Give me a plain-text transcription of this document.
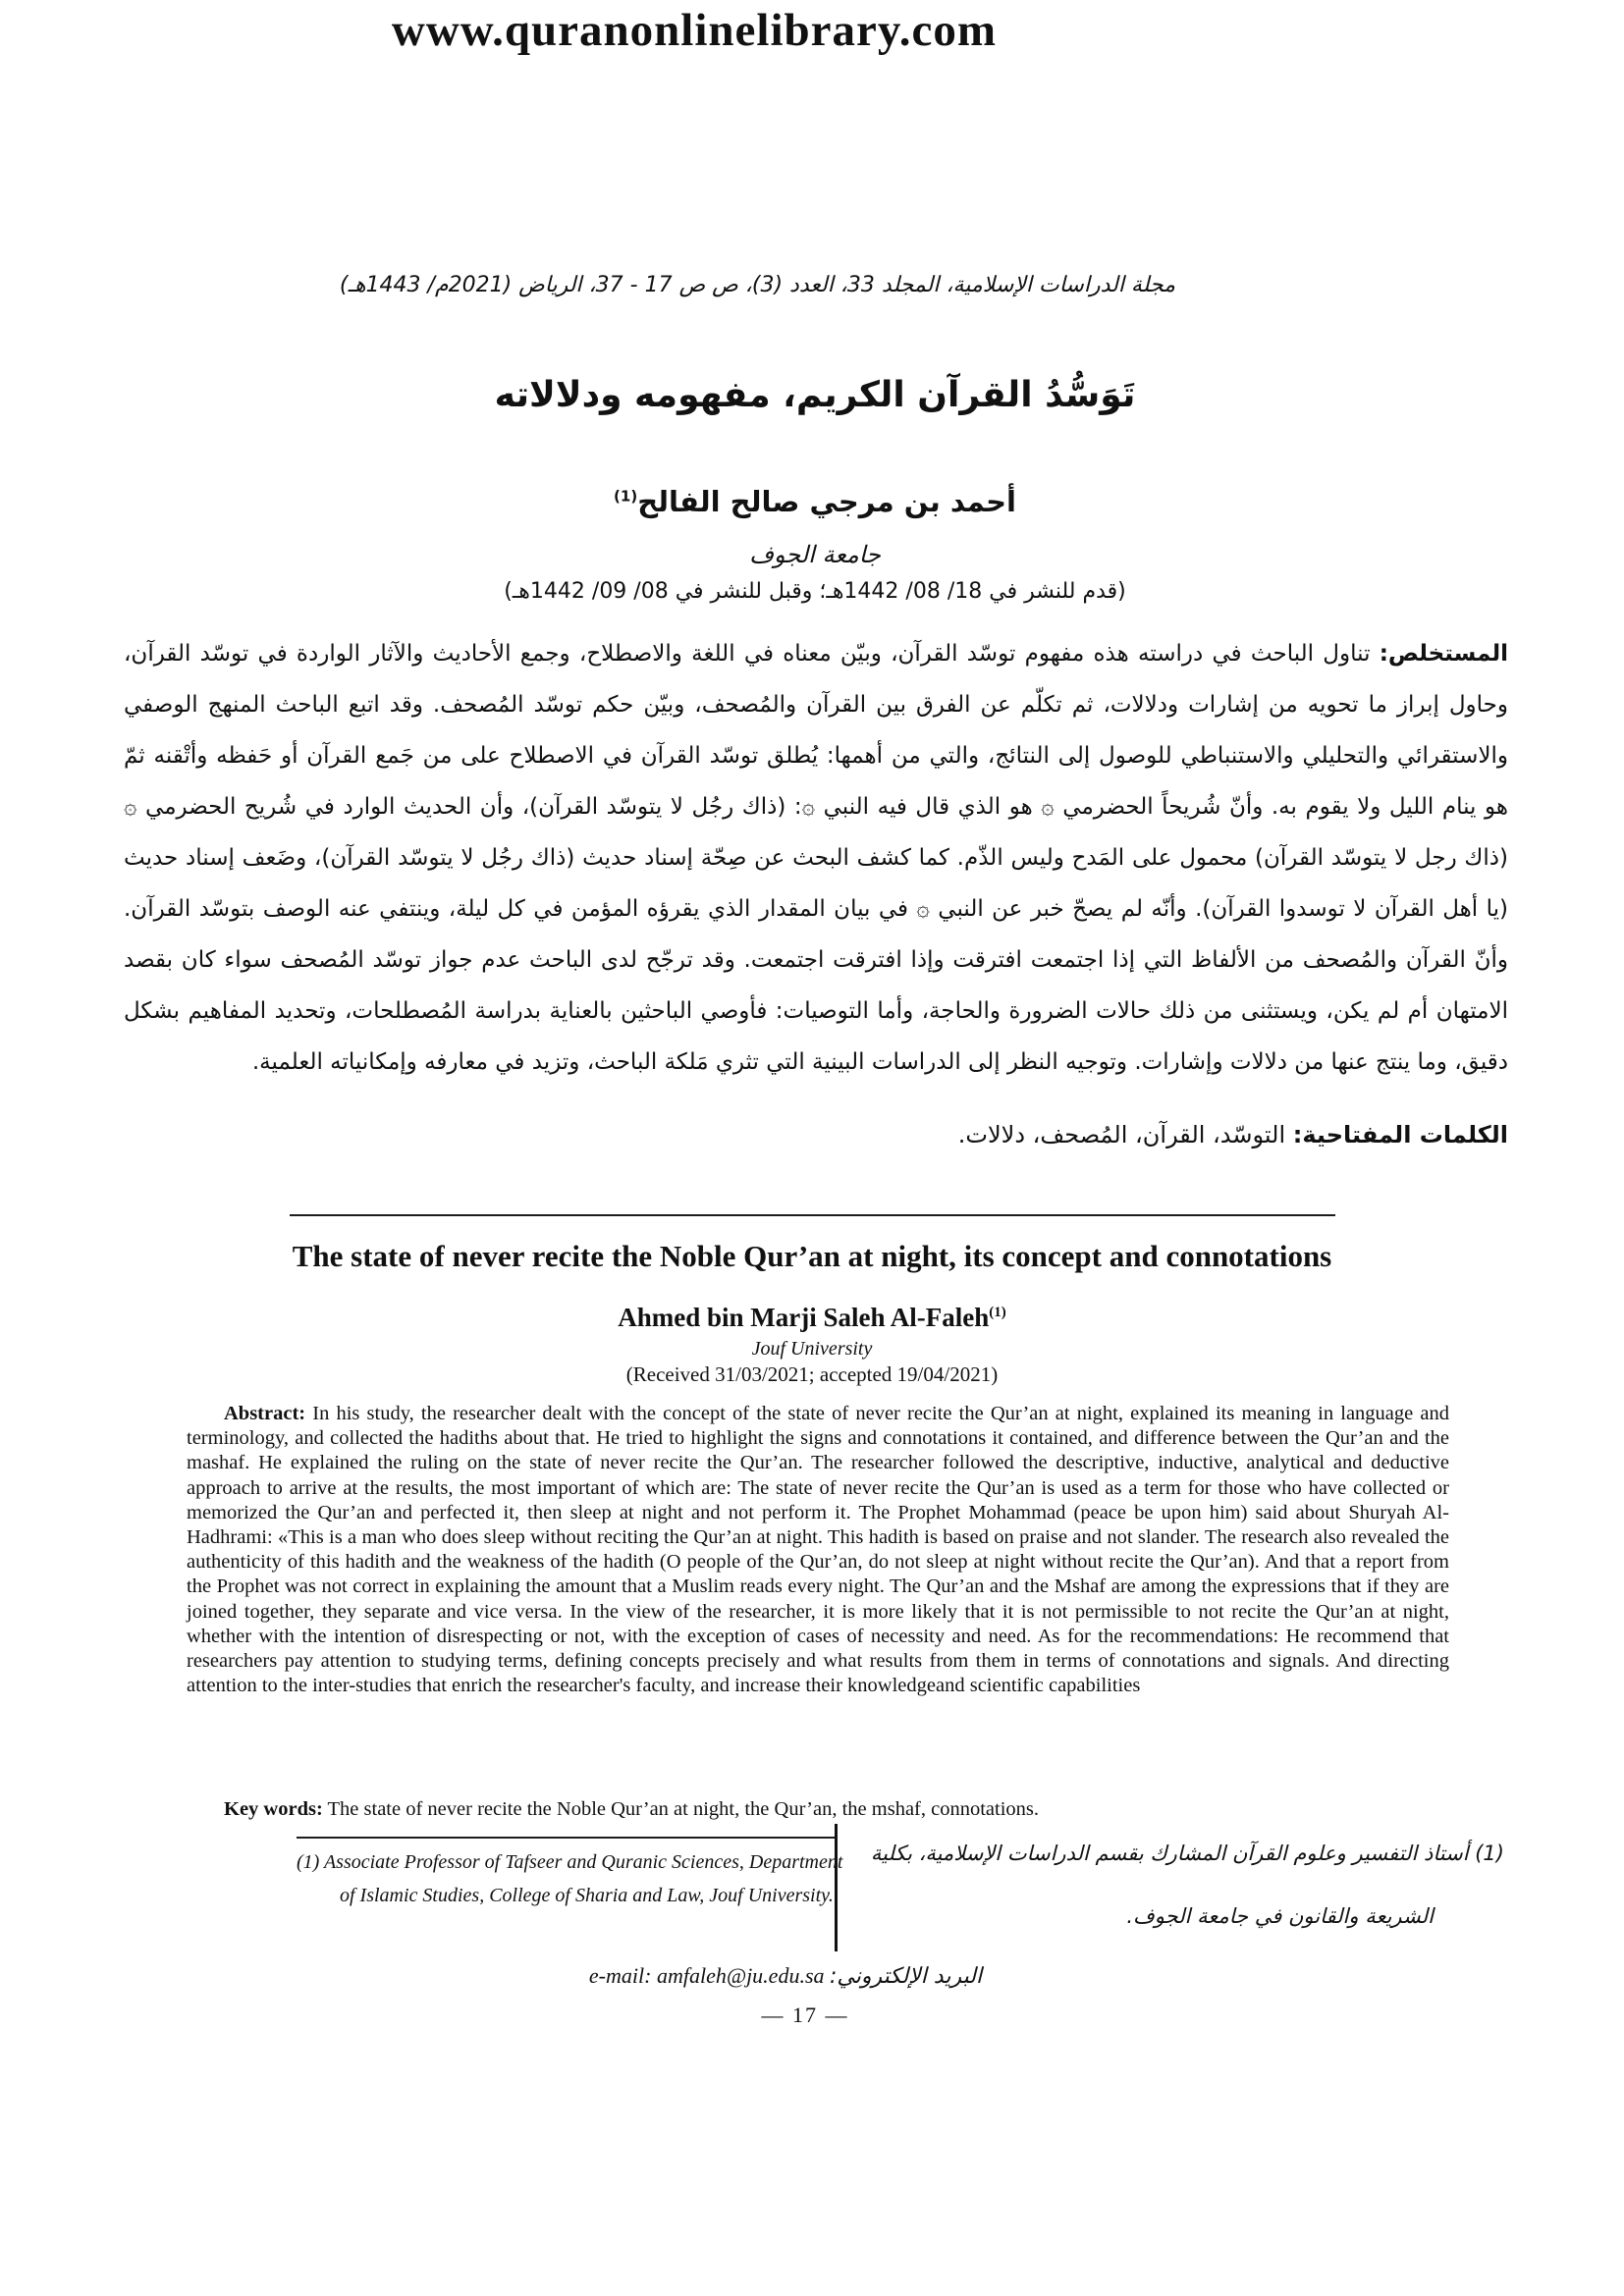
www.quranonlinelibrary.com
مجلة الدراسات الإسلامية، المجلد 33، العدد (3)، ص ص 17 - 37، الرياض (2021م/ 1443هـ)
تَوَسُّدُ القرآن الكريم، مفهومه ودلالاته
أحمد بن مرجي صالح الفالح$^{(1)}$
جامعة الجوف
(قدم للنشر في 18/ 08/ 1442هـ؛ وقبل للنشر في 08/ 09/ 1442هـ)
المستخلص: تناول الباحث في دراسته هذه مفهوم توسّد القرآن، وبيّن معناه في اللغة والاصطلاح، وجمع الأحاديث والآثار الواردة في توسّد القرآن، وحاول إبراز ما تحويه من إشارات ودلالات، ثم تكلّم عن الفرق بين القرآن والمُصحف، وبيّن حكم توسّد المُصحف. وقد اتبع الباحث المنهج الوصفي والاستقرائي والتحليلي والاستنباطي للوصول إلى النتائج، والتي من أهمها: يُطلق توسّد القرآن في الاصطلاح على من جَمع القرآن أو حَفظه وأتْقنه ثمّ هو ينام الليل ولا يقوم به. وأنّ شُريحاً الحضرمي ۞ هو الذي قال فيه النبي ۞: (ذاك رجُل لا يتوسّد القرآن)، وأن الحديث الوارد في شُريح الحضرمي ۞ (ذاك رجل لا يتوسّد القرآن) محمول على المَدح وليس الذّم. كما كشف البحث عن صِحّة إسناد حديث (ذاك رجُل لا يتوسّد القرآن)، وضَعف إسناد حديث (يا أهل القرآن لا توسدوا القرآن). وأنّه لم يصحّ خبر عن النبي ۞ في بيان المقدار الذي يقرؤه المؤمن في كل ليلة، وينتفي عنه الوصف بتوسّد القرآن. وأنّ القرآن والمُصحف من الألفاظ التي إذا اجتمعت افترقت وإذا افترقت اجتمعت. وقد ترجّح لدى الباحث عدم جواز توسّد المُصحف سواء كان بقصد الامتهان أم لم يكن، ويستثنى من ذلك حالات الضرورة والحاجة، وأما التوصيات: فأوصي الباحثين بالعناية بدراسة المُصطلحات، وتحديد المفاهيم بشكل دقيق، وما ينتج عنها من دلالات وإشارات. وتوجيه النظر إلى الدراسات البينية التي تثري مَلكة الباحث، وتزيد في معارفه وإمكانياته العلمية.
الكلمات المفتاحية: التوسّد، القرآن، المُصحف، دلالات.
The state of never recite the Noble Qur’an at night, its concept and connotations
Ahmed bin Marji Saleh Al-Faleh$^{(1)}$
Jouf University
(Received 31/03/2021; accepted 19/04/2021)
Abstract: In his study, the researcher dealt with the concept of the state of never recite the Qur’an at night, explained its meaning in language and terminology, and collected the hadiths about that. He tried to highlight the signs and connotations it contained, and difference between the Qur’an and the mashaf. He explained the ruling on the state of never recite the Qur’an. The researcher followed the descriptive, inductive, analytical and deductive approach to arrive at the results, the most important of which are: The state of never recite the Qur’an is used as a term for those who have collected or memorized the Qur’an and perfected it, then sleep at night and not perform it. The Prophet Mohammad (peace be upon him) said about Shuryah Al-Hadhrami: «This is a man who does sleep without reciting the Qur’an at night. This hadith is based on praise and not slander. The research also revealed the authenticity of this hadith and the weakness of the hadith (O people of the Qur’an, do not sleep at night without recite the Qur’an). And that a report from the Prophet was not correct in explaining the amount that a Muslim reads every night. The Qur’an and the Mshaf are among the expressions that if they are joined together, they separate and vice versa. In the view of the researcher, it is more likely that it is not permissible to not recite the Qur’an at night, whether with the intention of disrespecting or not, with the exception of cases of necessity and need. As for the recommendations: He recommend that researchers pay attention to studying terms, defining concepts precisely and what results from them in terms of connotations and signals. And directing attention to the inter-studies that enrich the researcher's faculty, and increase their knowledgeand scientific capabilities
Key words: The state of never recite the Noble Qur’an at night, the Qur’an, the mshaf, connotations.
(1) Associate Professor of Tafseer and Quranic Sciences, Department of Islamic Studies, College of Sharia and Law, Jouf University.
(1) أستاذ التفسير وعلوم القرآن المشارك بقسم الدراسات الإسلامية، بكلية الشريعة والقانون في جامعة الجوف.
البريد الإلكتروني: e-mail: amfaleh@ju.edu.sa
— 17 —
